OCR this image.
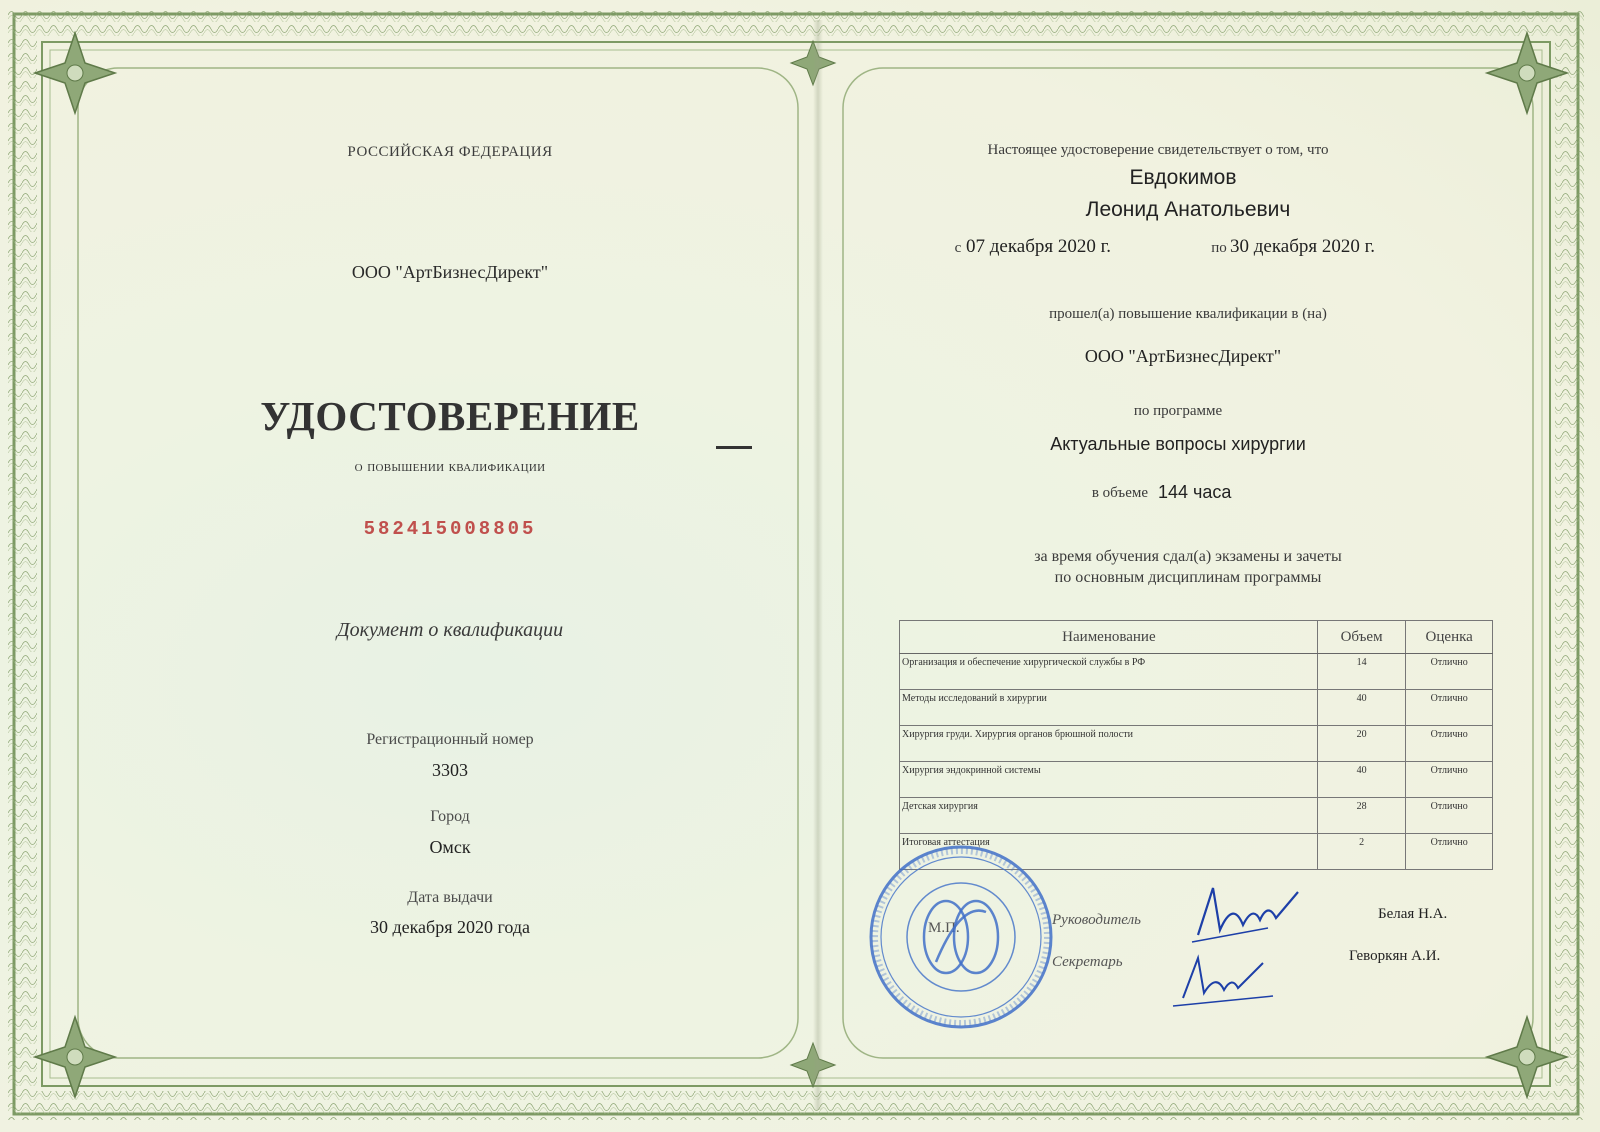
РОССИЙСКАЯ ФЕДЕРАЦИЯ
ООО "АртБизнесДирект"
УДОСТОВЕРЕНИЕ
о повышении квалификации
582415008805
Документ о квалификации
Регистрационный номер
3303
Город
Омск
Дата выдачи
30 декабря 2020 года
Настоящее удостоверение свидетельствует о том, что
Евдокимов
Леонид Анатольевич
с 07 декабря 2020 г.	по 30 декабря 2020 г.
прошел(а) повышение квалификации в (на)
ООО "АртБизнесДирект"
по программе
Актуальные вопросы хирургии
в объеме 144 часа
за время обучения сдал(а) экзамены и зачеты
по основным дисциплинам программы
Наименование	Объем	Оценка
Организация и обеспечение хирургической службы в РФ	14	Отлично
Методы исследований в хирургии	40	Отлично
Хирургия груди. Хирургия органов брюшной полости	20	Отлично
Хирургия эндокринной системы	40	Отлично
Детская хирургия	28	Отлично
Итоговая аттестация	2	Отлично
М.П.	Руководитель
Секретарь
Белая Н.А.
Геворкян А.И.
